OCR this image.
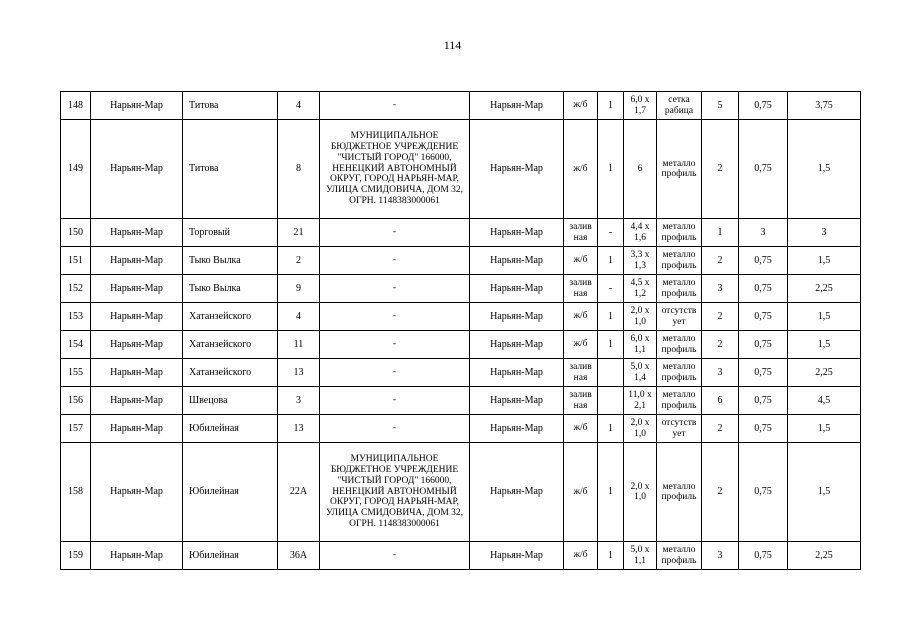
114
148	Нарьян-Мар	Титова	4	-	Нарьян-Мар	ж/б	1	6,0 х 1,7	сетка рабица	5	0,75	3,75
149	Нарьян-Мар	Титова	8	МУНИЦИПАЛЬНОЕ БЮДЖЕТНОЕ УЧРЕЖДЕНИЕ "ЧИСТЫЙ ГОРОД" 166000, НЕНЕЦКИЙ АВТОНОМНЫЙ ОКРУГ, ГОРОД НАРЬЯН-МАР, УЛИЦА СМИДОВИЧА, ДОМ 32, ОГРН. 1148383000061	Нарьян-Мар	ж/б	1	6	металло профиль	2	0,75	1,5
150	Нарьян-Мар	Торговый	21	-	Нарьян-Мар	залив ная	-	4,4 х 1,6	металло профиль	1	3	3
151	Нарьян-Мар	Тыко Вылка	2	-	Нарьян-Мар	ж/б	1	3,3 х 1,3	металло профиль	2	0,75	1,5
152	Нарьян-Мар	Тыко Вылка	9	-	Нарьян-Мар	залив ная	-	4,5 х 1,2	металло профиль	3	0,75	2,25
153	Нарьян-Мар	Хатанзейского	4	-	Нарьян-Мар	ж/б	1	2,0 х 1,0	отсутств ует	2	0,75	1,5
154	Нарьян-Мар	Хатанзейского	11	-	Нарьян-Мар	ж/б	1	6,0 х 1,1	металло профиль	2	0,75	1,5
155	Нарьян-Мар	Хатанзейского	13	-	Нарьян-Мар	залив ная		5,0 х 1,4	металло профиль	3	0,75	2,25
156	Нарьян-Мар	Швецова	3	-	Нарьян-Мар	залив ная		11,0 х 2,1	металло профиль	6	0,75	4,5
157	Нарьян-Мар	Юбилейная	13	-	Нарьян-Мар	ж/б	1	2,0 х 1,0	отсутств ует	2	0,75	1,5
158	Нарьян-Мар	Юбилейная	22А	МУНИЦИПАЛЬНОЕ БЮДЖЕТНОЕ УЧРЕЖДЕНИЕ "ЧИСТЫЙ ГОРОД" 166000, НЕНЕЦКИЙ АВТОНОМНЫЙ ОКРУГ, ГОРОД НАРЬЯН-МАР, УЛИЦА СМИДОВИЧА, ДОМ 32, ОГРН. 1148383000061	Нарьян-Мар	ж/б	1	2,0 х 1,0	металло профиль	2	0,75	1,5
159	Нарьян-Мар	Юбилейная	36А	-	Нарьян-Мар	ж/б	1	5,0 х 1,1	металло профиль	3	0,75	2,25
